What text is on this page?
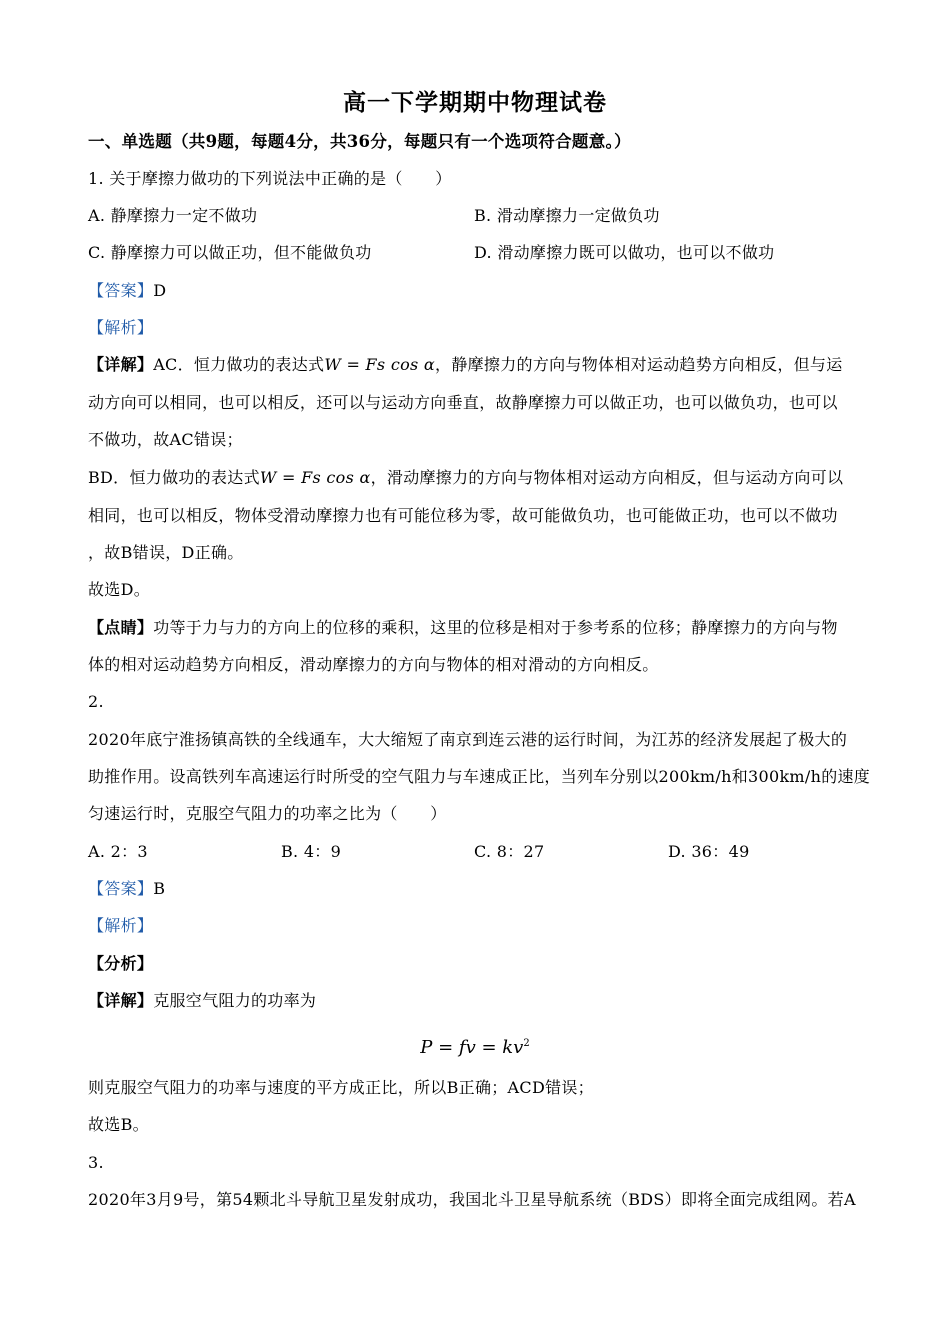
高一下学期期中物理试卷
一、单选题（共9题，每题4分，共36分，每题只有一个选项符合题意。）
1. 关于摩擦力做功的下列说法中正确的是（　　）
A. 静摩擦力一定不做功	B. 滑动摩擦力一定做负功
C. 静摩擦力可以做正功，但不能做负功	D. 滑动摩擦力既可以做功，也可以不做功
【答案】D
【解析】
【详解】AC．恒力做功的表达式W = Fs cos α，静摩擦力的方向与物体相对运动趋势方向相反，但与运
动方向可以相同，也可以相反，还可以与运动方向垂直，故静摩擦力可以做正功，也可以做负功，也可以
不做功，故AC错误；
BD．恒力做功的表达式W = Fs cos α，滑动摩擦力的方向与物体相对运动方向相反，但与运动方向可以
相同，也可以相反，物体受滑动摩擦力也有可能位移为零，故可能做负功，也可能做正功，也可以不做功
，故B错误，D正确。
故选D。
【点睛】功等于力与力的方向上的位移的乘积，这里的位移是相对于参考系的位移；静摩擦力的方向与物
体的相对运动趋势方向相反，滑动摩擦力的方向与物体的相对滑动的方向相反。
2.
2020年底宁淮扬镇高铁的全线通车，大大缩短了南京到连云港的运行时间，为江苏的经济发展起了极大的
助推作用。设高铁列车高速运行时所受的空气阻力与车速成正比，当列车分别以200km/h和300km/h的速度
匀速运行时，克服空气阻力的功率之比为（　　）
A. 2：3	B. 4：9	C. 8：27	D. 36：49
【答案】B
【解析】
【分析】
【详解】克服空气阻力的功率为
P = fv = $kv^2$
则克服空气阻力的功率与速度的平方成正比，所以B正确；ACD错误；
故选B。
3.
2020年3月9号，第54颗北斗导航卫星发射成功，我国北斗卫星导航系统（BDS）即将全面完成组网。若A
